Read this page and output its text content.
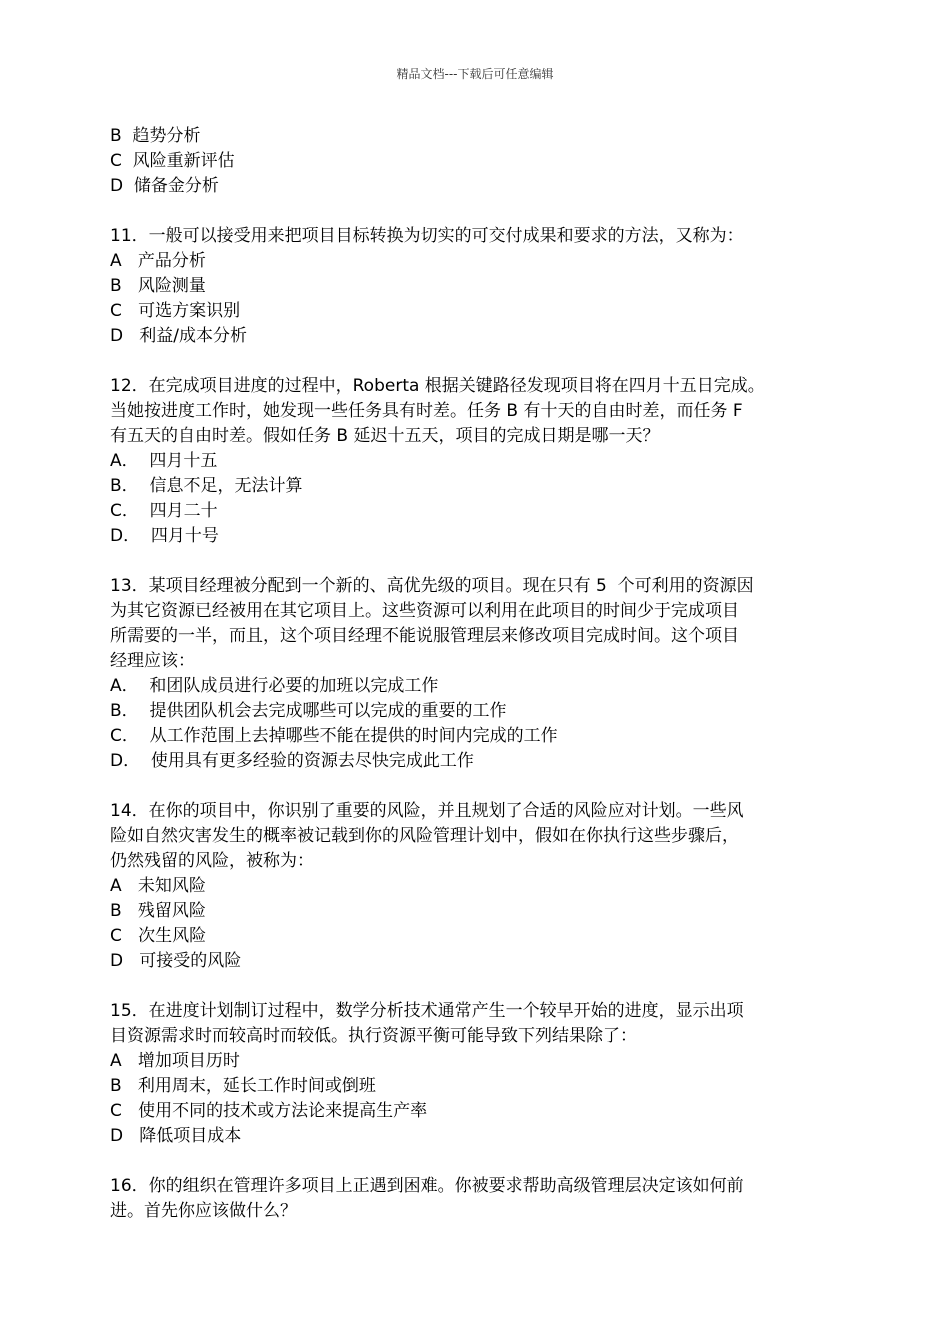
精品文档---下载后可任意编辑
B  趋势分析
C  风险重新评估
D  储备金分析
11．一般可以接受用来把项目目标转换为切实的可交付成果和要求的方法，又称为：
A   产品分析
B   风险测量
C   可选方案识别
D   利益/成本分析
12．在完成项目进度的过程中，Roberta 根据关键路径发现项目将在四月十五日完成。
当她按进度工作时，她发现一些任务具有时差。任务 B 有十天的自由时差，而任务 F
有五天的自由时差。假如任务 B 延迟十五天，项目的完成日期是哪一天？
A．  四月十五
B．  信息不足，无法计算
C．  四月二十
D．  四月十号
13．某项目经理被分配到一个新的、高优先级的项目。现在只有 5  个可利用的资源因
为其它资源已经被用在其它项目上。这些资源可以利用在此项目的时间少于完成项目
所需要的一半，而且，这个项目经理不能说服管理层来修改项目完成时间。这个项目
经理应该：
A．  和团队成员进行必要的加班以完成工作
B．  提供团队机会去完成哪些可以完成的重要的工作
C．  从工作范围上去掉哪些不能在提供的时间内完成的工作
D．  使用具有更多经验的资源去尽快完成此工作
14．在你的项目中，你识别了重要的风险，并且规划了合适的风险应对计划。一些风
险如自然灾害发生的概率被记载到你的风险管理计划中，假如在你执行这些步骤后，
仍然残留的风险，被称为：
A   未知风险
B   残留风险
C   次生风险
D   可接受的风险
15．在进度计划制订过程中，数学分析技术通常产生一个较早开始的进度，显示出项
目资源需求时而较高时而较低。执行资源平衡可能导致下列结果除了：
A   增加项目历时
B   利用周末，延长工作时间或倒班
C   使用不同的技术或方法论来提高生产率
D   降低项目成本
16．你的组织在管理许多项目上正遇到困难。你被要求帮助高级管理层决定该如何前
进。首先你应该做什么？
